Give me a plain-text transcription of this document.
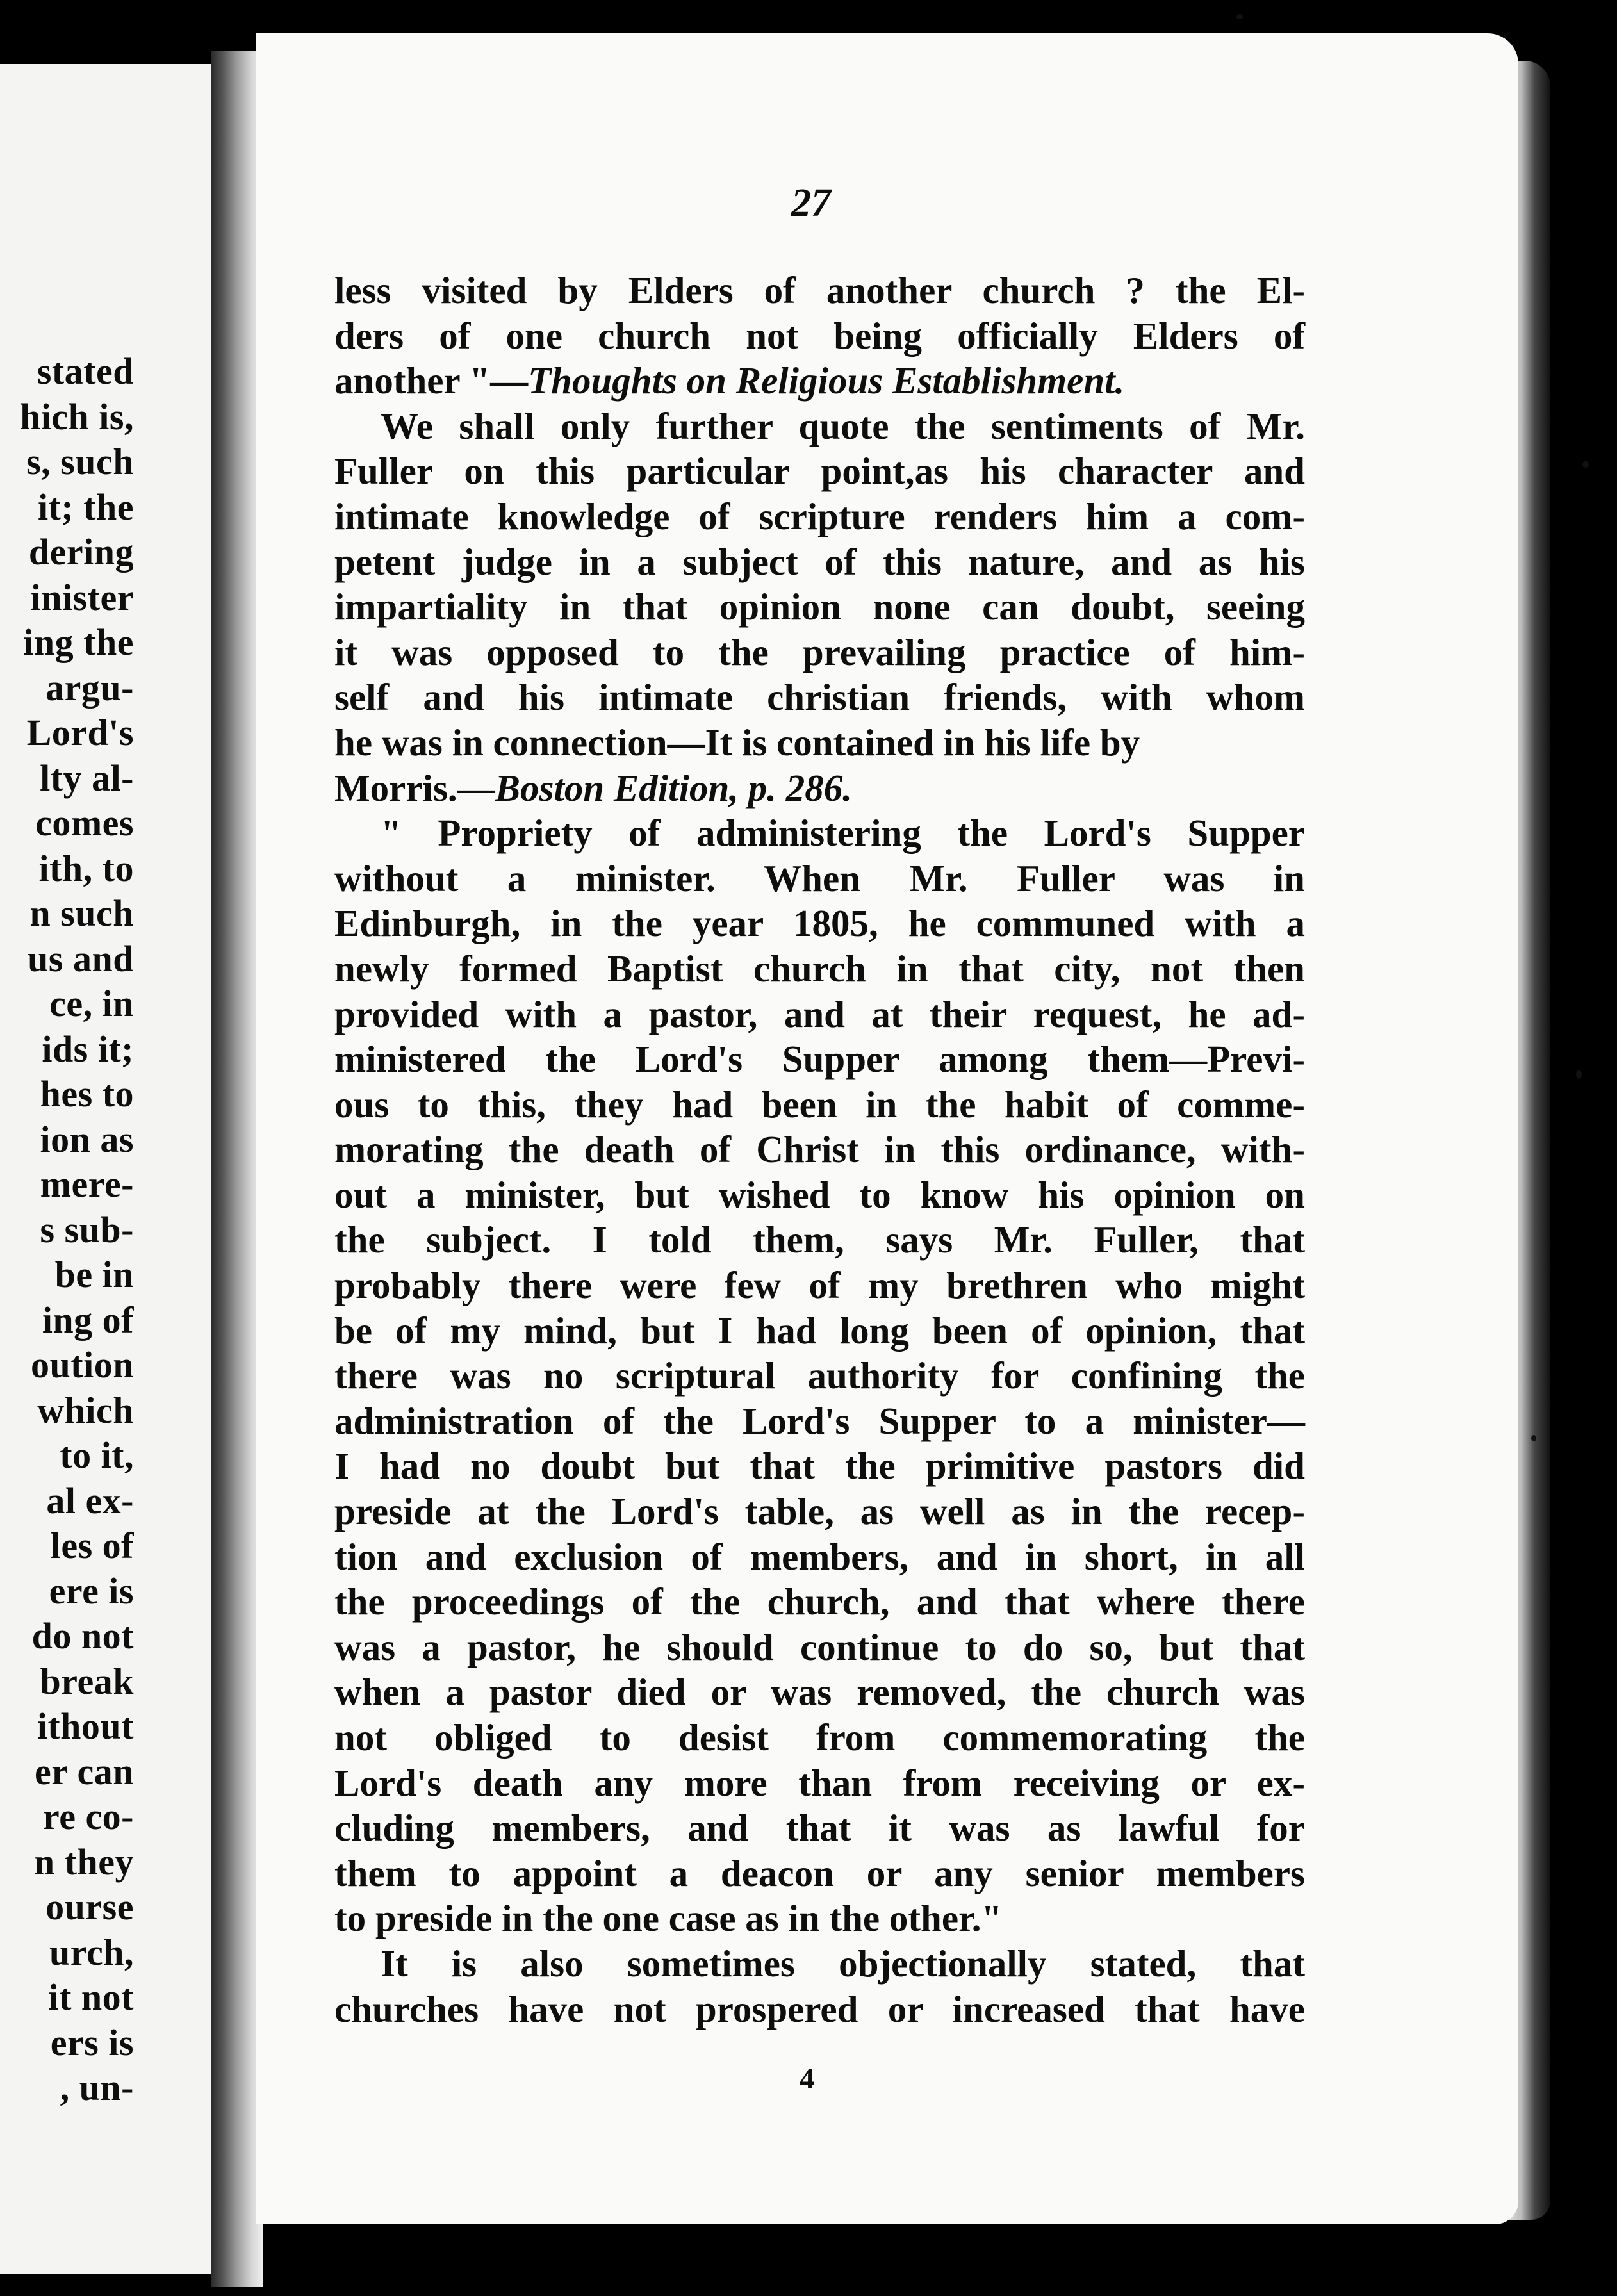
stated
hich is,
s, such
it; the
dering
inister
ing the
argu-
Lord's
lty al-
comes
ith, to
n such
us and
ce, in
ids it;
hes to
ion as
mere-
s sub-
be in
ing of
oution
which
to it,
al ex-
les of
ere is
do not
break
ithout
er can
re co-
n they
ourse
urch,
it not
ers is
, un-
27
less visited by Elders of another church ? the El-
ders of one church not being officially Elders of
another "—Thoughts on Religious Establishment.
We shall only further quote the sentiments of Mr.
Fuller on this particular point,as his character and
intimate knowledge of scripture renders him a com-
petent judge in a subject of this nature, and as his
impartiality in that opinion none can doubt, seeing
it was opposed to the prevailing practice of him-
self and his intimate christian friends, with whom
he was in connection—It is contained in his life by
Morris.—Boston Edition, p. 286.
" Propriety of administering the Lord's Supper
without a minister. When Mr. Fuller was in
Edinburgh, in the year 1805, he communed with a
newly formed Baptist church in that city, not then
provided with a pastor, and at their request, he ad-
ministered the Lord's Supper among them—Previ-
ous to this, they had been in the habit of comme-
morating the death of Christ in this ordinance, with-
out a minister, but wished to know his opinion on
the subject. I told them, says Mr. Fuller, that
probably there were few of my brethren who might
be of my mind, but I had long been of opinion, that
there was no scriptural authority for confining the
administration of the Lord's Supper to a minister—
I had no doubt but that the primitive pastors did
preside at the Lord's table, as well as in the recep-
tion and exclusion of members, and in short, in all
the proceedings of the church, and that where there
was a pastor, he should continue to do so, but that
when a pastor died or was removed, the church was
not obliged to desist from commemorating the
Lord's death any more than from receiving or ex-
cluding members, and that it was as lawful for
them to appoint a deacon or any senior members
to preside in the one case as in the other."
It is also sometimes objectionally stated, that
churches have not prospered or increased that have
4
